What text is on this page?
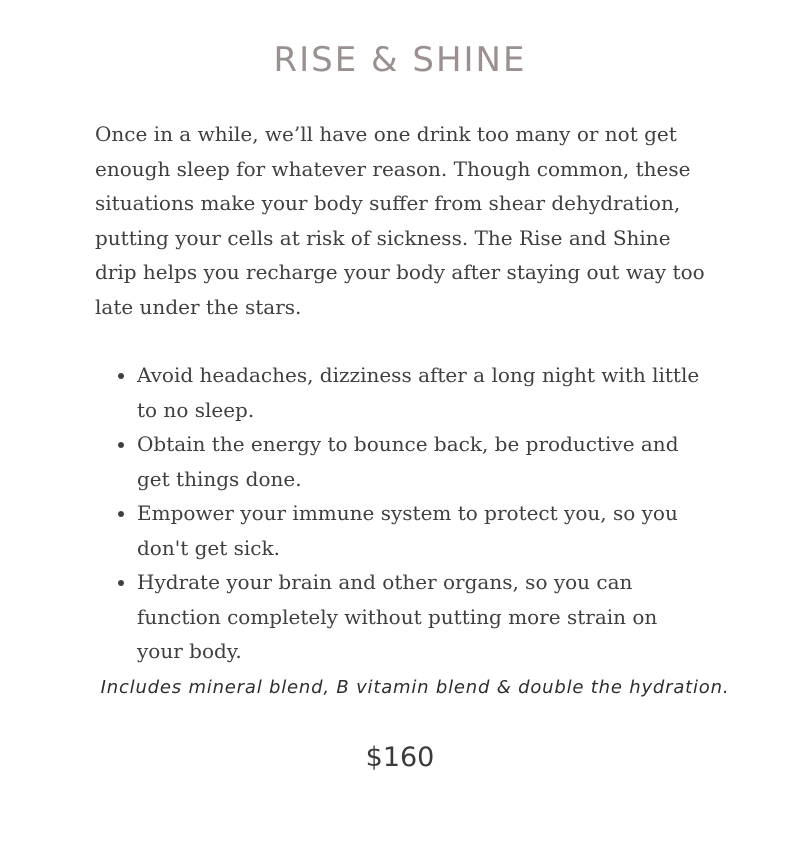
RISE & SHINE

Once in a while, we’ll have one drink too many or not get enough sleep for whatever reason. Though common, these situations make your body suffer from shear dehydration, putting your cells at risk of sickness. The Rise and Shine drip helps you recharge your body after staying out way too late under the stars.

• Avoid headaches, dizziness after a long night with little to no sleep.
• Obtain the energy to bounce back, be productive and get things done.
• Empower your immune system to protect you, so you don't get sick.
• Hydrate your brain and other organs, so you can function completely without putting more strain on your body.

Includes mineral blend, B vitamin blend & double the hydration.

$160
